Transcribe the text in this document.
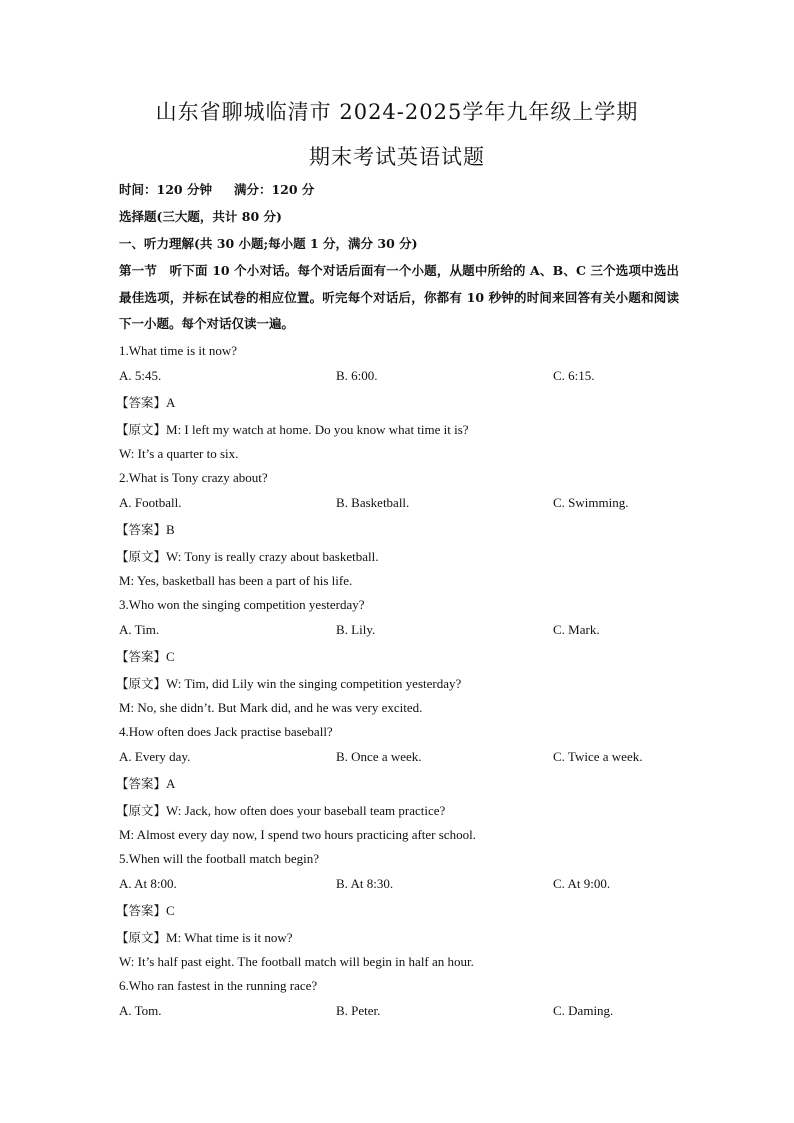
山东省聊城临清市 2024-2025学年九年级上学期
期末考试英语试题
时间：120 分钟 满分：120 分
选择题(三大题，共计 80 分)
一、听力理解(共 30 小题;每小题 1 分，满分 30 分)
第一节　听下面 10 个小对话。每个对话后面有一个小题，从题中所给的 A、B、C 三个选项中选出最佳选项，并标在试卷的相应位置。听完每个对话后，你都有 10 秒钟的时间来回答有关小题和阅读下一小题。每个对话仅读一遍。
1.What time is it now?
A. 5:45.	B. 6:00.	C. 6:15.
【答案】A
【原文】M: I left my watch at home. Do you know what time it is?
W: It’s a quarter to six.
2.What is Tony crazy about?
A. Football.	B. Basketball.	C. Swimming.
【答案】B
【原文】W: Tony is really crazy about basketball.
M: Yes, basketball has been a part of his life.
3.Who won the singing competition yesterday?
A. Tim.	B. Lily.	C. Mark.
【答案】C
【原文】W: Tim, did Lily win the singing competition yesterday?
M: No, she didn’t. But Mark did, and he was very excited.
4.How often does Jack practise baseball?
A. Every day.	B. Once a week.	C. Twice a week.
【答案】A
【原文】W: Jack, how often does your baseball team practice?
M: Almost every day now, I spend two hours practicing after school.
5.When will the football match begin?
A. At 8:00.	B. At 8:30.	C. At 9:00.
【答案】C
【原文】M: What time is it now?
W: It’s half past eight. The football match will begin in half an hour.
6.Who ran fastest in the running race?
A. Tom.	B. Peter.	C. Daming.
